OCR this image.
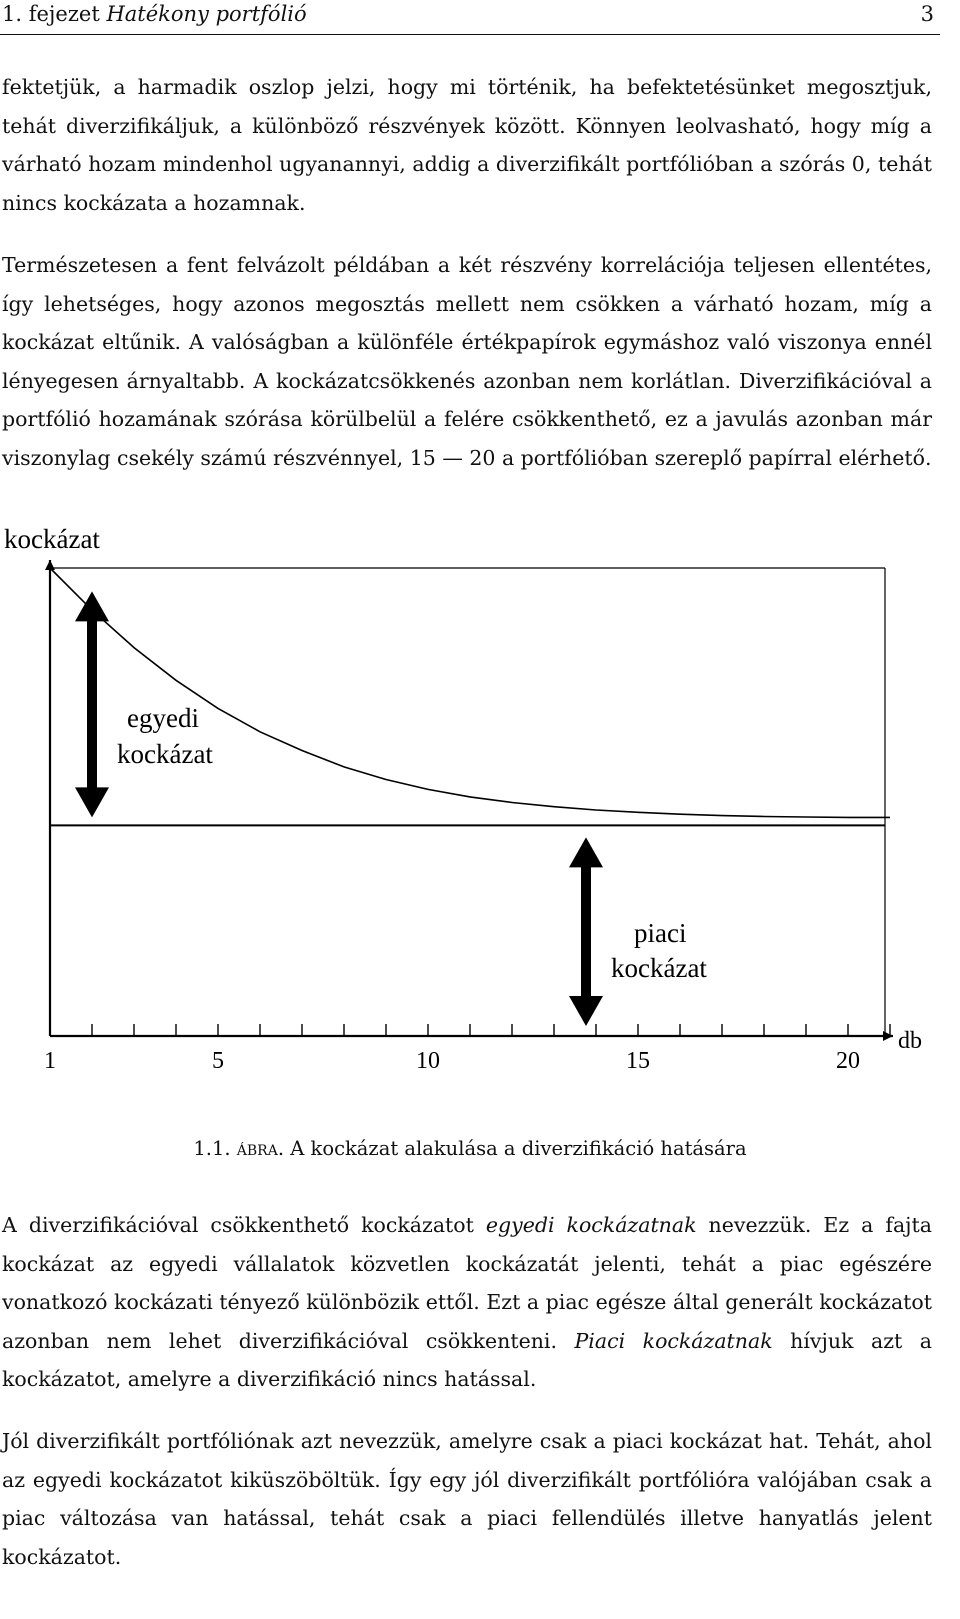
1. fejezet Hatékony portfólió	3

fektetjük, a harmadik oszlop jelzi, hogy mi történik, ha befektetésünket megosztjuk, tehát diverzifikáljuk, a különböző részvények között. Könnyen leolvasható, hogy míg a várható hozam mindenhol ugyanannyi, addig a diverzifikált portfólióban a szórás 0, tehát nincs kockázata a hozamnak.

Természetesen a fent felvázolt példában a két részvény korrelációja teljesen ellentétes, így lehetséges, hogy azonos megosztás mellett nem csökken a várható hozam, míg a kockázat eltűnik. A valóságban a különféle értékpapírok egymáshoz való viszonya ennél lényegesen árnyaltabb. A kockázatcsökkenés azonban nem korlátlan. Diverzifikációval a portfólió hozamának szórása körülbelül a felére csökkenthető, ez a javulás azonban már viszonylag csekély számú részvénnyel, 15 — 20 a portfólióban szereplő papírral elérhető.

kockázat
db
1	5	10	15	20
egyedi
kockázat
piaci
kockázat
1.1. ábra. A kockázat alakulása a diverzifikáció hatására

A diverzifikációval csökkenthető kockázatot egyedi kockázatnak nevezzük. Ez a fajta kockázat az egyedi vállalatok közvetlen kockázatát jelenti, tehát a piac egészére vonatkozó kockázati tényező különbözik ettől. Ezt a piac egésze által generált kockázatot azonban nem lehet diverzifikációval csökkenteni. Piaci kockázatnak hívjuk azt a kockázatot, amelyre a diverzifikáció nincs hatással.

Jól diverzifikált portfóliónak azt nevezzük, amelyre csak a piaci kockázat hat. Tehát, ahol az egyedi kockázatot kiküszöböltük. Így egy jól diverzifikált portfólióra valójában csak a piac változása van hatással, tehát csak a piaci fellendülés illetve hanyatlás jelent kockázatot.
